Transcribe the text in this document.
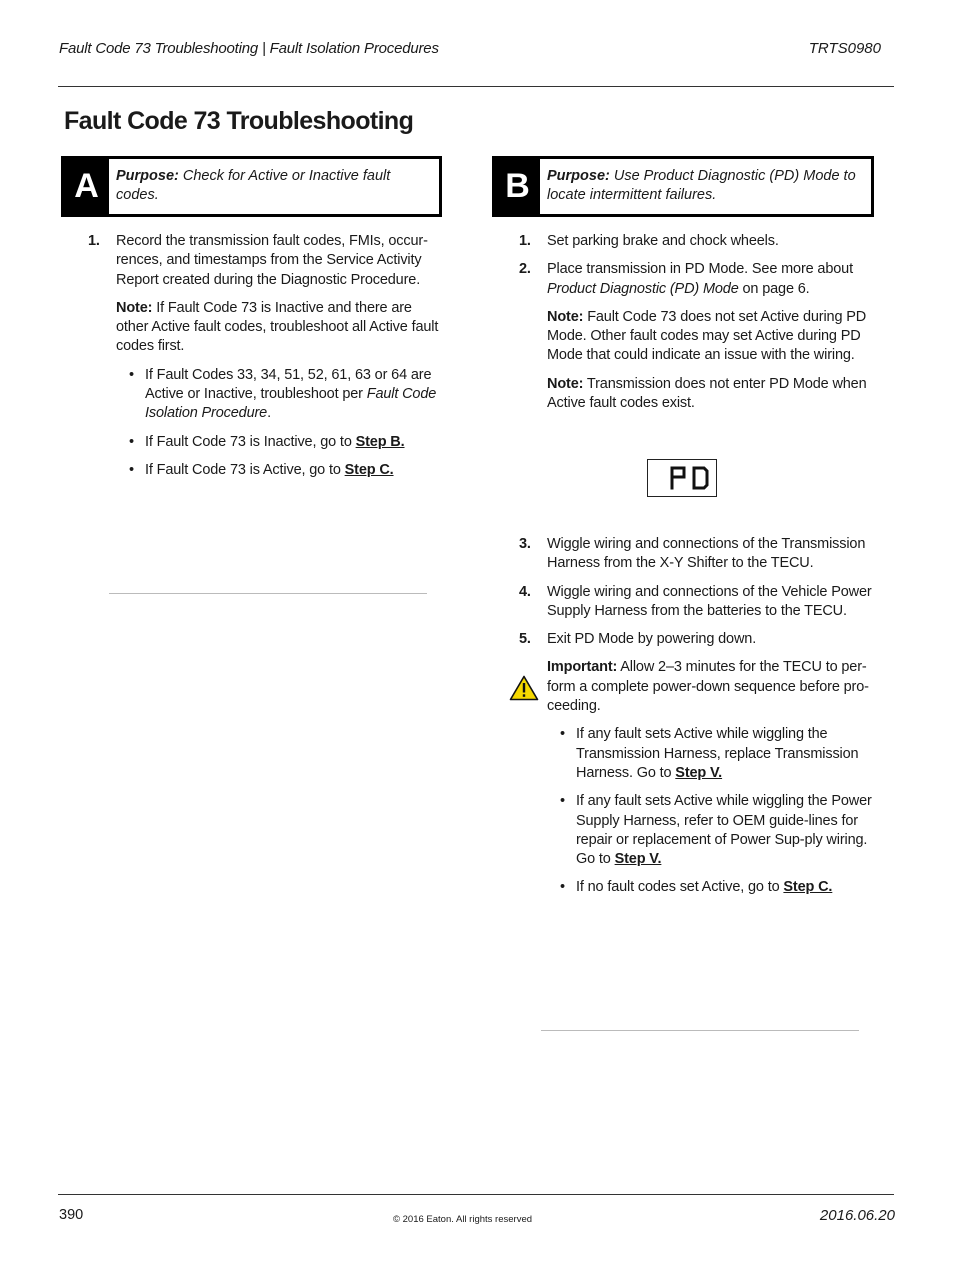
Fault Code 73 Troubleshooting | Fault Isolation Procedures	TRTS0980
Fault Code 73 Troubleshooting
A	Purpose: Check for Active or Inactive fault codes.
1. Record the transmission fault codes, FMIs, occur-rences, and timestamps from the Service Activity Report created during the Diagnostic Procedure.
Note: If Fault Code 73 is Inactive and there are other Active fault codes, troubleshoot all Active fault codes first.
• If Fault Codes 33, 34, 51, 52, 61, 63 or 64 are Active or Inactive, troubleshoot per Fault Code Isolation Procedure.
• If Fault Code 73 is Inactive, go to Step B.
• If Fault Code 73 is Active, go to Step C.
B	Purpose: Use Product Diagnostic (PD) Mode to locate intermittent failures.
1. Set parking brake and chock wheels.
2. Place transmission in PD Mode. See more about Product Diagnostic (PD) Mode on page 6.
Note: Fault Code 73 does not set Active during PD Mode. Other fault codes may set Active during PD Mode that could indicate an issue with the wiring.
Note: Transmission does not enter PD Mode when Active fault codes exist.
3. Wiggle wiring and connections of the Transmission Harness from the X-Y Shifter to the TECU.
4. Wiggle wiring and connections of the Vehicle Power Supply Harness from the batteries to the TECU.
5. Exit PD Mode by powering down.
Important: Allow 2–3 minutes for the TECU to per-form a complete power-down sequence before pro-ceeding.
• If any fault sets Active while wiggling the Transmission Harness, replace Transmission Harness. Go to Step V.
• If any fault sets Active while wiggling the Power Supply Harness, refer to OEM guide-lines for repair or replacement of Power Sup-ply wiring. Go to Step V.
• If no fault codes set Active, go to Step C.
390	© 2016 Eaton. All rights reserved	2016.06.20
